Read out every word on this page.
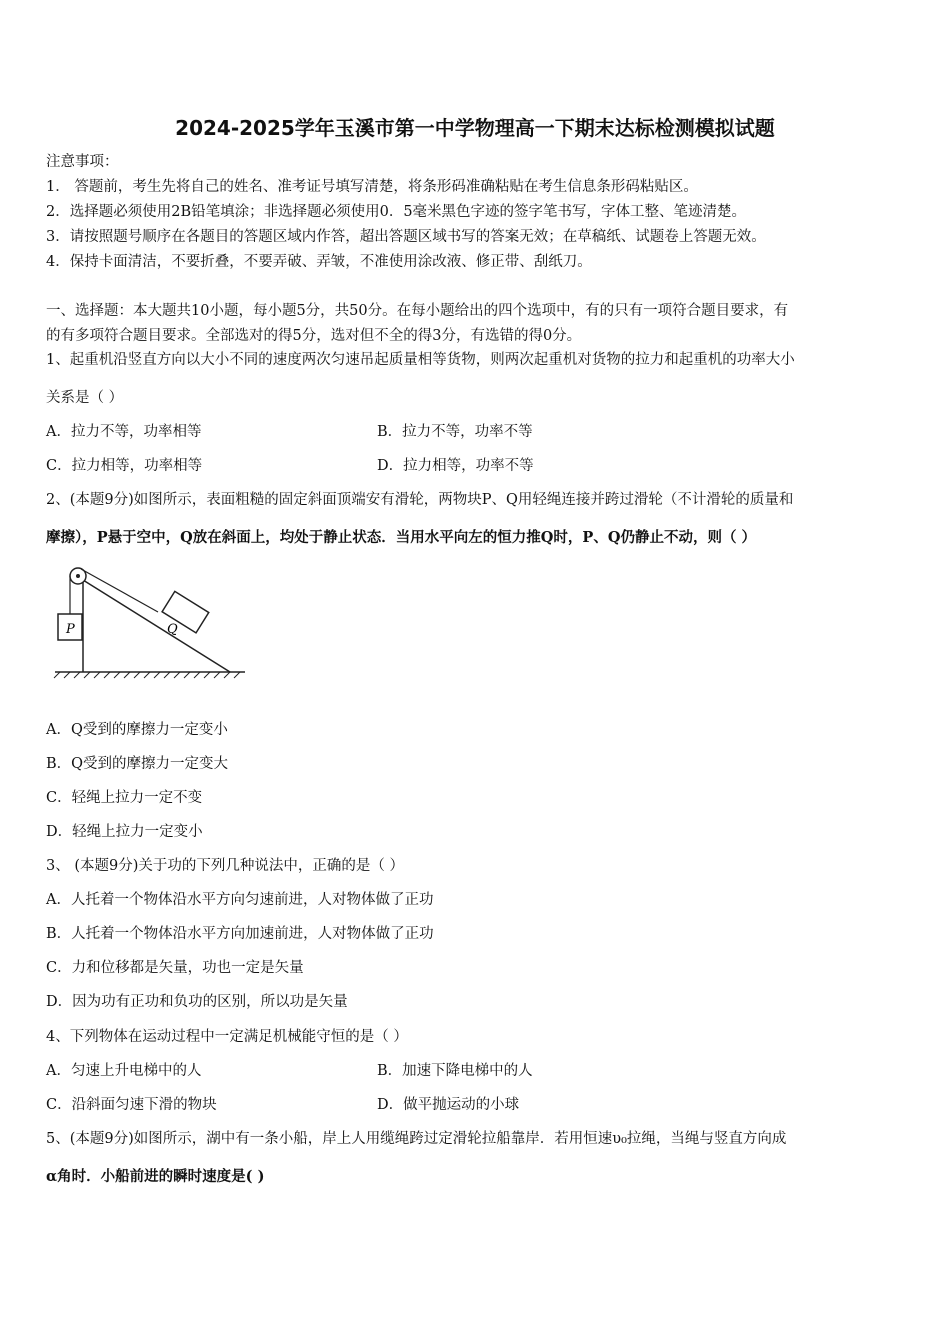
2024-2025学年玉溪市第一中学物理高一下期末达标检测模拟试题
注意事项：
1． 答题前，考生先将自己的姓名、准考证号填写清楚，将条形码准确粘贴在考生信息条形码粘贴区。
2．选择题必须使用2B铅笔填涂；非选择题必须使用0．5毫米黑色字迹的签字笔书写，字体工整、笔迹清楚。
3．请按照题号顺序在各题目的答题区域内作答，超出答题区域书写的答案无效；在草稿纸、试题卷上答题无效。
4．保持卡面清洁，不要折叠，不要弄破、弄皱，不准使用涂改液、修正带、刮纸刀。
一、选择题：本大题共10小题，每小题5分，共50分。在每小题给出的四个选项中，有的只有一项符合题目要求，有
的有多项符合题目要求。全部选对的得5分，选对但不全的得3分，有选错的得0分。
1、起重机沿竖直方向以大小不同的速度两次匀速吊起质量相等货物，则两次起重机对货物的拉力和起重机的功率大小
关系是（ ）
A．拉力不等，功率相等	B．拉力不等，功率不等
C．拉力相等，功率相等	D．拉力相等，功率不等
2、(本题9分)如图所示，表面粗糙的固定斜面顶端安有滑轮，两物块P、Q用轻绳连接并跨过滑轮（不计滑轮的质量和
摩擦），P悬于空中，Q放在斜面上，均处于静止状态．当用水平向左的恒力推Q时，P、Q仍静止不动，则（ ）
P	Q
A．Q受到的摩擦力一定变小
B．Q受到的摩擦力一定变大
C．轻绳上拉力一定不变
D．轻绳上拉力一定变小
3、 (本题9分)关于功的下列几种说法中，正确的是（ ）
A．人托着一个物体沿水平方向匀速前进，人对物体做了正功
B．人托着一个物体沿水平方向加速前进，人对物体做了正功
C．力和位移都是矢量，功也一定是矢量
D．因为功有正功和负功的区别，所以功是矢量
4、下列物体在运动过程中一定满足机械能守恒的是（ ）
A．匀速上升电梯中的人	B．加速下降电梯中的人
C．沿斜面匀速下滑的物块	D．做平抛运动的小球
5、(本题9分)如图所示，湖中有一条小船，岸上人用缆绳跨过定滑轮拉船靠岸．若用恒速υ₀拉绳，当绳与竖直方向成
α角时．小船前进的瞬时速度是( )
